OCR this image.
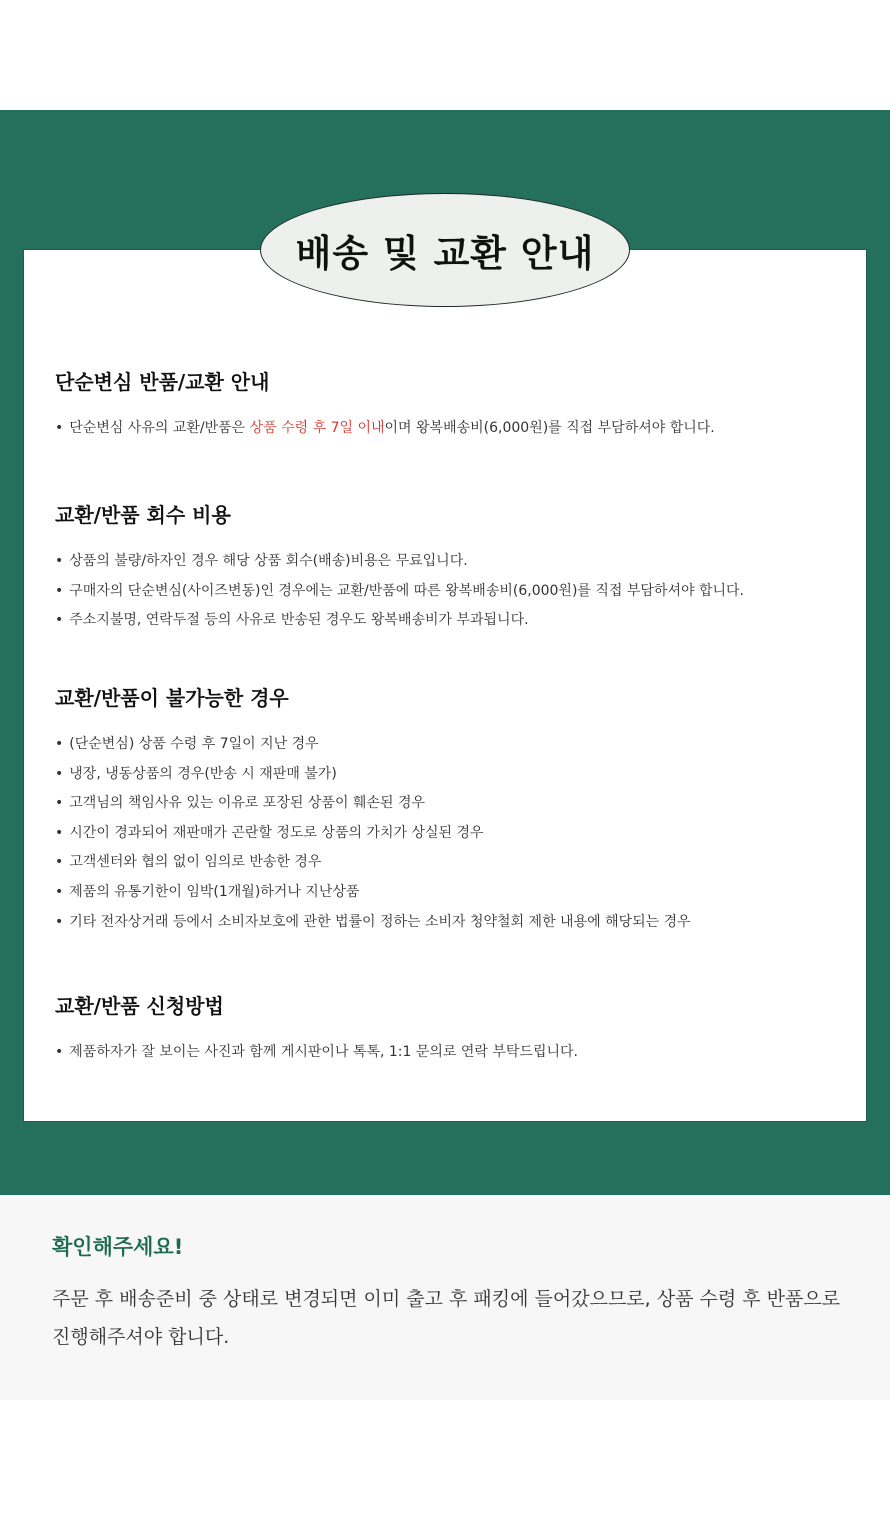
배송 및 교환 안내
단순변심 반품/교환 안내
• 단순변심 사유의 교환/반품은 상품 수령 후 7일 이내이며 왕복배송비(6,000원)를 직접 부담하셔야 합니다.
교환/반품 회수 비용
• 상품의 불량/하자인 경우 해당 상품 회수(배송)비용은 무료입니다.
• 구매자의 단순변심(사이즈변동)인 경우에는 교환/반품에 따른 왕복배송비(6,000원)를 직접 부담하셔야 합니다.
• 주소지불명, 연락두절 등의 사유로 반송된 경우도 왕복배송비가 부과됩니다.
교환/반품이 불가능한 경우
• (단순변심) 상품 수령 후 7일이 지난 경우
• 냉장, 냉동상품의 경우(반송 시 재판매 불가)
• 고객님의 책임사유 있는 이유로 포장된 상품이 훼손된 경우
• 시간이 경과되어 재판매가 곤란할 정도로 상품의 가치가 상실된 경우
• 고객센터와 협의 없이 임의로 반송한 경우
• 제품의 유통기한이 임박(1개월)하거나 지난상품
• 기타 전자상거래 등에서 소비자보호에 관한 법률이 정하는 소비자 청약철회 제한 내용에 해당되는 경우
교환/반품 신청방법
• 제품하자가 잘 보이는 사진과 함께 게시판이나 톡톡, 1:1 문의로 연락 부탁드립니다.
확인해주세요!

주문 후 배송준비 중 상태로 변경되면 이미 출고 후 패킹에 들어갔으므로, 상품 수령 후 반품으로 진행해주셔야 합니다.
